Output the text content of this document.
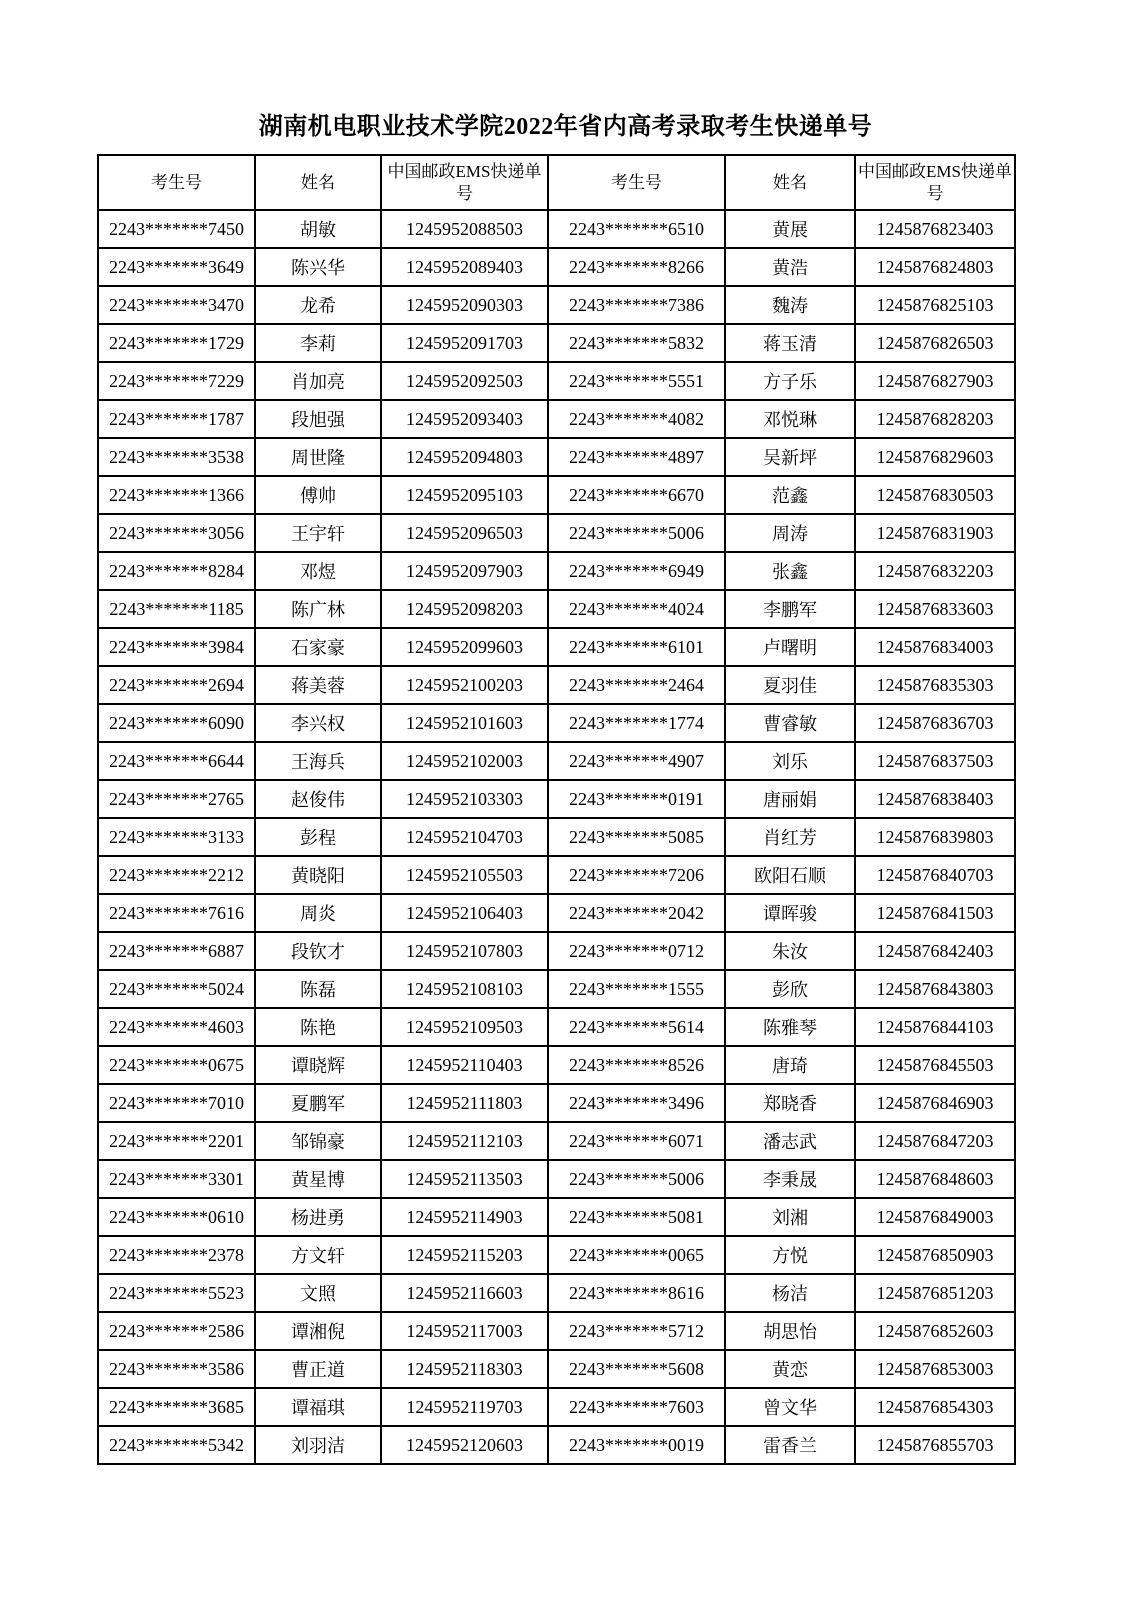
湖南机电职业技术学院2022年省内高考录取考生快递单号
考生号	姓名	中国邮政EMS快递单号	考生号	姓名	中国邮政EMS快递单号
2243*******7450	胡敏	1245952088503	2243*******6510	黄展	1245876823403
2243*******3649	陈兴华	1245952089403	2243*******8266	黄浩	1245876824803
2243*******3470	龙希	1245952090303	2243*******7386	魏涛	1245876825103
2243*******1729	李莉	1245952091703	2243*******5832	蒋玉清	1245876826503
2243*******7229	肖加亮	1245952092503	2243*******5551	方子乐	1245876827903
2243*******1787	段旭强	1245952093403	2243*******4082	邓悦琳	1245876828203
2243*******3538	周世隆	1245952094803	2243*******4897	吴新坪	1245876829603
2243*******1366	傅帅	1245952095103	2243*******6670	范鑫	1245876830503
2243*******3056	王宇轩	1245952096503	2243*******5006	周涛	1245876831903
2243*******8284	邓煜	1245952097903	2243*******6949	张鑫	1245876832203
2243*******1185	陈广林	1245952098203	2243*******4024	李鹏军	1245876833603
2243*******3984	石家豪	1245952099603	2243*******6101	卢曙明	1245876834003
2243*******2694	蒋美蓉	1245952100203	2243*******2464	夏羽佳	1245876835303
2243*******6090	李兴权	1245952101603	2243*******1774	曹睿敏	1245876836703
2243*******6644	王海兵	1245952102003	2243*******4907	刘乐	1245876837503
2243*******2765	赵俊伟	1245952103303	2243*******0191	唐丽娟	1245876838403
2243*******3133	彭程	1245952104703	2243*******5085	肖红芳	1245876839803
2243*******2212	黄晓阳	1245952105503	2243*******7206	欧阳石顺	1245876840703
2243*******7616	周炎	1245952106403	2243*******2042	谭晖骏	1245876841503
2243*******6887	段钦才	1245952107803	2243*******0712	朱汝	1245876842403
2243*******5024	陈磊	1245952108103	2243*******1555	彭欣	1245876843803
2243*******4603	陈艳	1245952109503	2243*******5614	陈雅琴	1245876844103
2243*******0675	谭晓辉	1245952110403	2243*******8526	唐琦	1245876845503
2243*******7010	夏鹏军	1245952111803	2243*******3496	郑晓香	1245876846903
2243*******2201	邹锦豪	1245952112103	2243*******6071	潘志武	1245876847203
2243*******3301	黄星博	1245952113503	2243*******5006	李秉晟	1245876848603
2243*******0610	杨进勇	1245952114903	2243*******5081	刘湘	1245876849003
2243*******2378	方文轩	1245952115203	2243*******0065	方悦	1245876850903
2243*******5523	文照	1245952116603	2243*******8616	杨洁	1245876851203
2243*******2586	谭湘倪	1245952117003	2243*******5712	胡思怡	1245876852603
2243*******3586	曹正道	1245952118303	2243*******5608	黄恋	1245876853003
2243*******3685	谭福琪	1245952119703	2243*******7603	曾文华	1245876854303
2243*******5342	刘羽洁	1245952120603	2243*******0019	雷香兰	1245876855703
